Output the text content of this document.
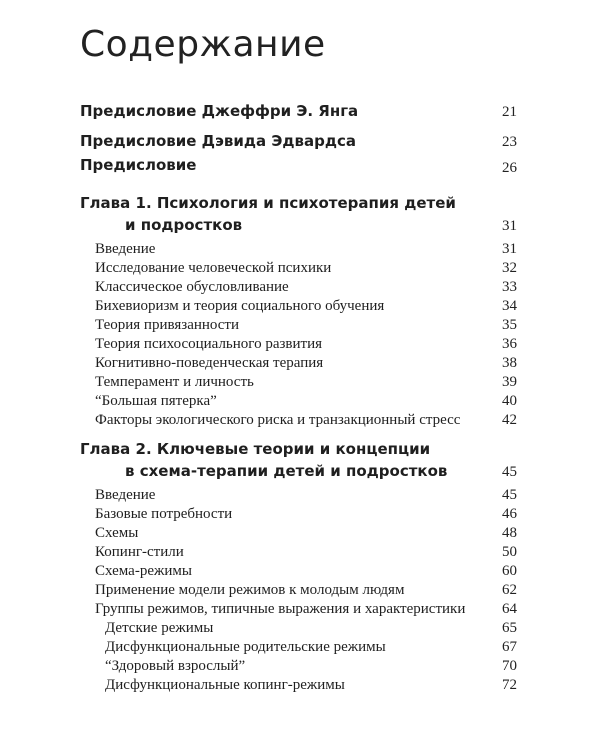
Содержание
Предисловие Джеффри Э. Янга	21
Предисловие Дэвида Эдвардса	23
Предисловие	26
Глава 1. Психология и психотерапия детей
и подростков	31
Введение	31
Исследование человеческой психики	32
Классическое обусловливание	33
Бихевиоризм и теория социального обучения	34
Теория привязанности	35
Теория психосоциального развития	36
Когнитивно-поведенческая терапия	38
Темперамент и личность	39
“Большая пятерка”	40
Факторы экологического риска и транзакционный стресс	42
Глава 2. Ключевые теории и концепции
в схема-терапии детей и подростков	45
Введение	45
Базовые потребности	46
Схемы	48
Копинг-стили	50
Схема-режимы	60
Применение модели режимов к молодым людям	62
Группы режимов, типичные выражения и характеристики 64
Детские режимы	65
Дисфункциональные родительские режимы	67
“Здоровый взрослый”	70
Дисфункциональные копинг-режимы	72
